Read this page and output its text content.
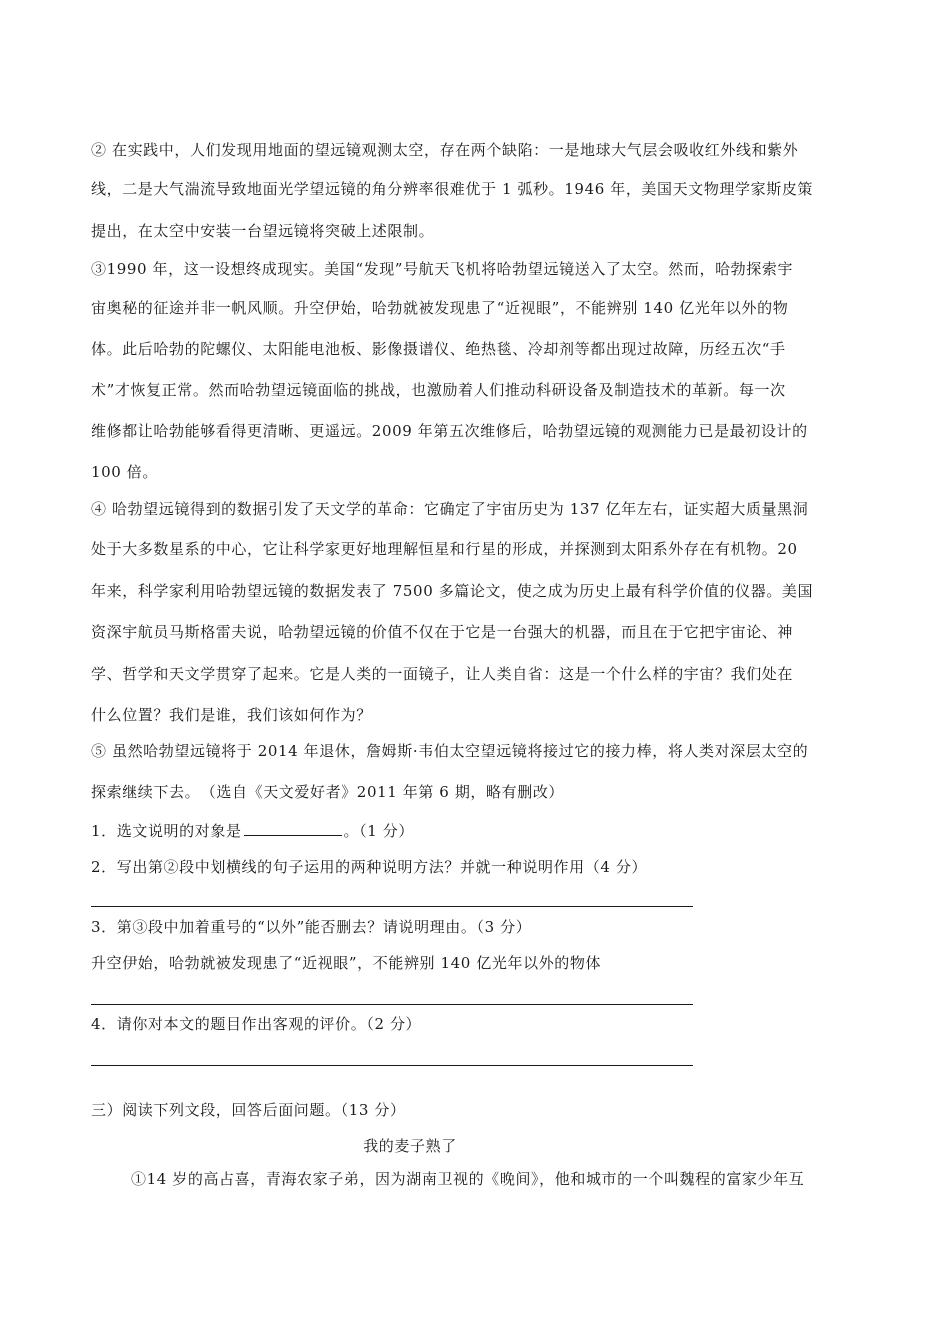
② 在实践中，人们发现用地面的望远镜观测太空，存在两个缺陷：一是地球大气层会吸收红外线和紫外
线，二是大气湍流导致地面光学望远镜的角分辨率很难优于 1 弧秒。1946 年，美国天文物理学家斯皮策
提出，在太空中安装一台望远镜将突破上述限制。
③1990 年，这一设想终成现实。美国“发现”号航天飞机将哈勃望远镜送入了太空。然而，哈勃探索宇
宙奥秘的征途并非一帆风顺。升空伊始，哈勃就被发现患了“近视眼”，不能辨别 140 亿光年以外的物
体。此后哈勃的陀螺仪、太阳能电池板、影像摄谱仪、绝热毯、冷却剂等都出现过故障，历经五次“手
术”才恢复正常。然而哈勃望远镜面临的挑战，也激励着人们推动科研设备及制造技术的革新。每一次
维修都让哈勃能够看得更清晰、更遥远。2009 年第五次维修后，哈勃望远镜的观测能力已是最初设计的
100 倍。
④ 哈勃望远镜得到的数据引发了天文学的革命：它确定了宇宙历史为 137 亿年左右，证实超大质量黑洞
处于大多数星系的中心，它让科学家更好地理解恒星和行星的形成，并探测到太阳系外存在有机物。20
年来，科学家利用哈勃望远镜的数据发表了 7500 多篇论文，使之成为历史上最有科学价值的仪器。美国
资深宇航员马斯格雷夫说，哈勃望远镜的价值不仅在于它是一台强大的机器，而且在于它把宇宙论、神
学、哲学和天文学贯穿了起来。它是人类的一面镜子，让人类自省：这是一个什么样的宇宙？我们处在
什么位置？我们是谁，我们该如何作为？
⑤ 虽然哈勃望远镜将于 2014 年退休，詹姆斯·韦伯太空望远镜将接过它的接力棒，将人类对深层太空的
探索继续下去。　（选自《天文爱好者》2011 年第 6 期，略有删改）
1．选文说明的对象是	。（1 分）
2．写出第②段中划横线的句子运用的两种说明方法？并就一种说明作用（4 分）
3．第③段中加着重号的“以外”能否删去？请说明理由。（3 分）
升空伊始，哈勃就被发现患了“近视眼”，不能辨别 140 亿光年以外的物体
4．请你对本文的题目作出客观的评价。（2 分）
三）阅读下列文段，回答后面问题。（13 分）
我的麦子熟了
①14 岁的高占喜，青海农家子弟，因为湖南卫视的《晚间》，他和城市的一个叫魏程的富家少年互
